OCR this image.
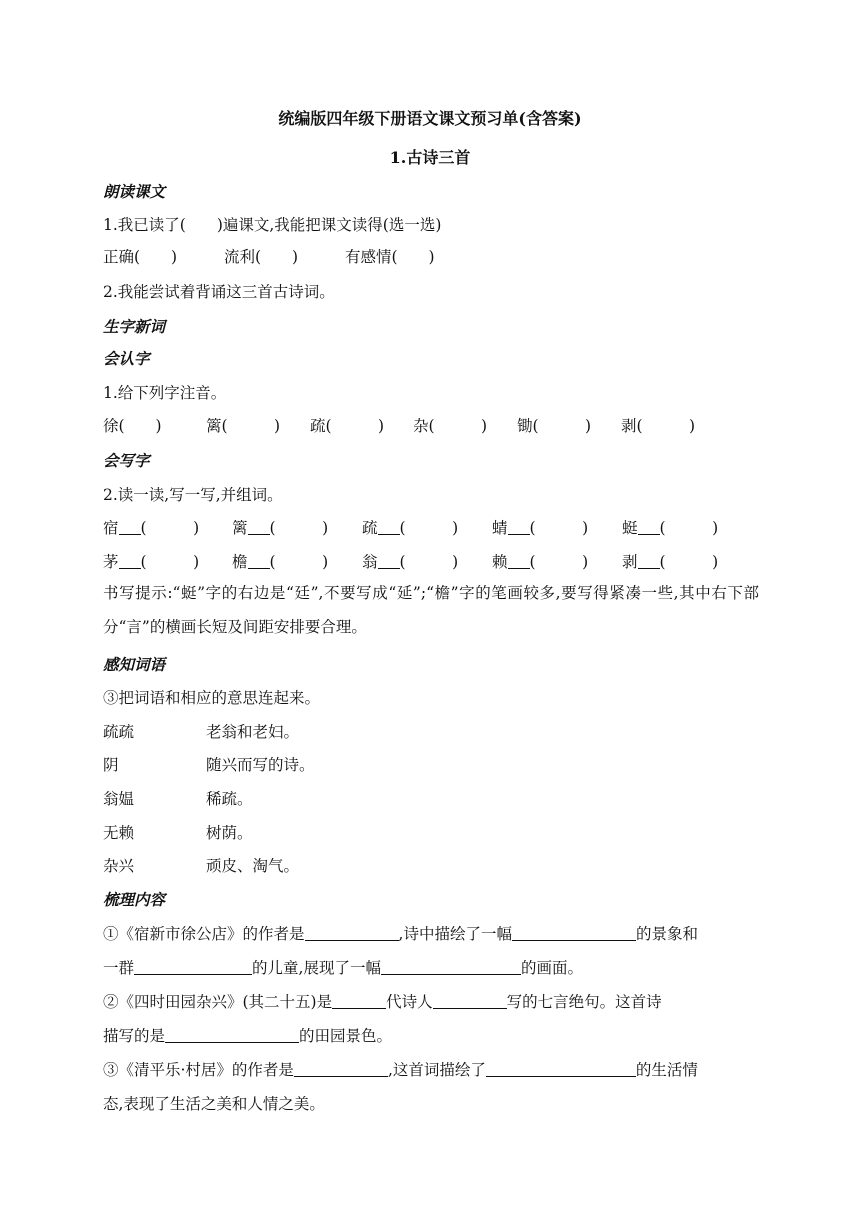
统编版四年级下册语文课文预习单(含答案)
1.古诗三首
朗读课文
1.我已读了(　　)遍课文,我能把课文读得(选一选)
正确(　　)	流利(　　)	有感情(　　)
2.我能尝试着背诵这三首古诗词。
生字新词
会认字
1.给下列字注音。
徐(　　)	篱(　　　) 疏(　　　) 杂(　　　) 锄(　　　) 剥(　　　)
会写字
2.读一读,写一写,并组词。
宿 (　　　) 篱 (　　　) 疏 (　　　) 蜻 (　　　) 蜓 (　　　)
茅 (　　　) 檐 (　　　) 翁 (　　　) 赖 (　　　) 剥 (　　　)
书写提示:“蜓”字的右边是“廷”,不要写成“延”;“檐”字的笔画较多,要写得紧凑一些,其中右下部分“言”的横画长短及间距安排要合理。
感知词语
③把词语和相应的意思连起来。
疏疏	老翁和老妇。
阴	随兴而写的诗。
翁媪	稀疏。
无赖	树荫。
杂兴	顽皮、淘气。
梳理内容
①《宿新市徐公店》的作者是	,诗中描绘了一幅	的景象和
一群	的儿童,展现了一幅	的画面。
②《四时田园杂兴》(其二十五)是	代诗人	写的七言绝句。这首诗
描写的是	的田园景色。
③《清平乐·村居》的作者是	,这首词描绘了	的生活情
态,表现了生活之美和人情之美。
